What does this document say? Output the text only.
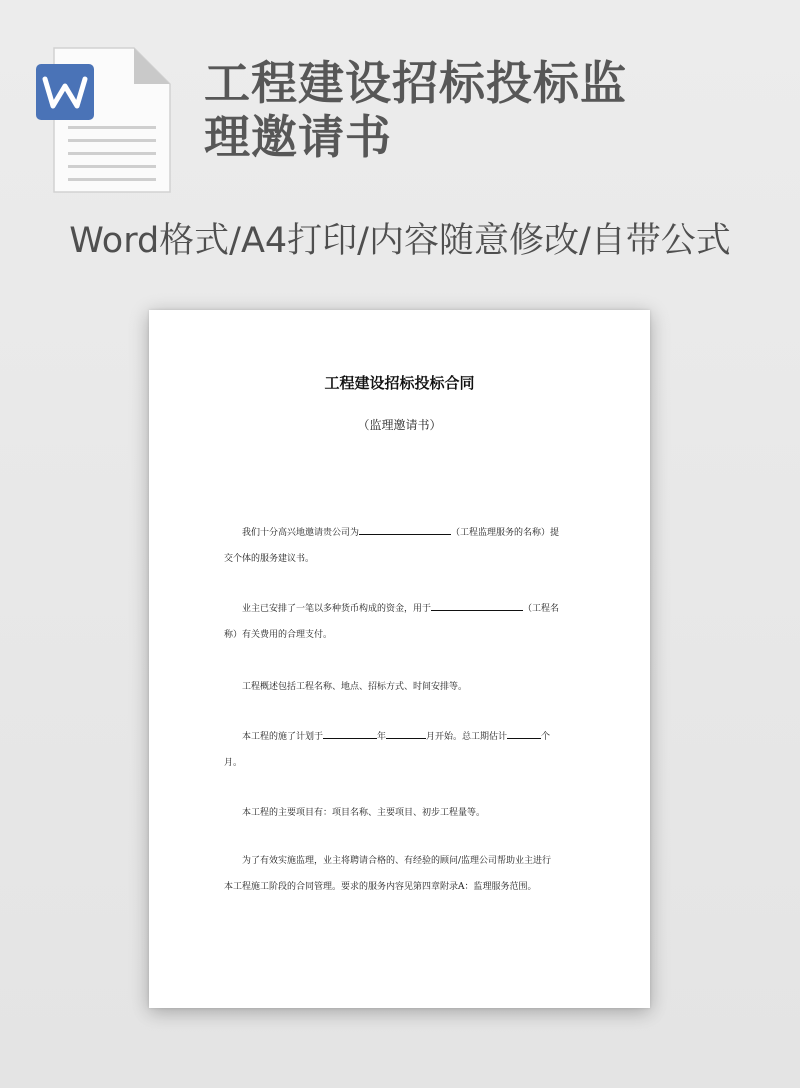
工程建设招标投标监
理邀请书
Word格式/A4打印/内容随意修改/自带公式
工程建设招标投标合同
（监理邀请书）
我们十分高兴地邀请贵公司为	（工程监理服务的名称）提
交个体的服务建议书。
业主已安排了一笔以多种货币构成的资金，用于	（工程名
称）有关费用的合理支付。
工程概述包括工程名称、地点、招标方式、时间安排等。
本工程的施了计划于	年	月开始。总工期估计	个
月。
本工程的主要项目有：项目名称、主要项目、初步工程量等。
为了有效实施监理，业主将聘请合格的、有经验的顾问/监理公司帮助业主进行
本工程施工阶段的合同管理。要求的服务内容见第四章附录A：监理服务范围。
